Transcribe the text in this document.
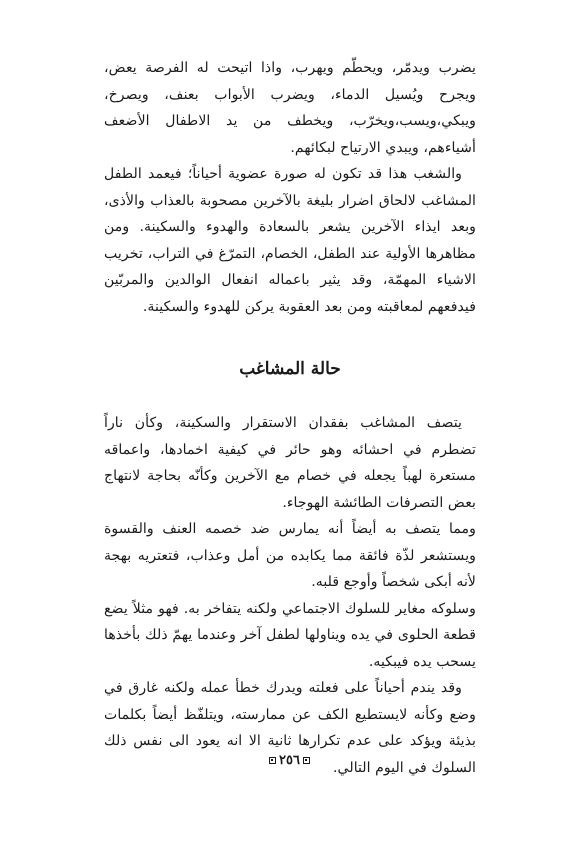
يضرب ويدمّر، ويحطّم ويهرب، واذا اتيحت له الفرصة يعض، ويجرح ويُسيل الدماء، ويضرب الأبواب بعنف، ويصرخ، ويبكي،ويسب،ويخرّب، ويخطف من يد الاطفال الأضعف أشياءهم، ويبدي الارتياح لبكائهم.

والشغب هذا قد تكون له صورة عضوية أحياناً؛ فيعمد الطفل المشاغب لالحاق اضرار بليغة بالآخرين مصحوبة بالعذاب والأذى، وبعد ايذاء الآخرين يشعر بالسعادة والهدوء والسكينة. ومن مظاهرها الأولية عند الطفل، الخصام، التمرّغ في التراب، تخريب الاشياء المهمّة، وقد يثير باعماله انفعال الوالدين والمربّين فيدفعهم لمعاقبته ومن بعد العقوبة يركن للهدوء والسكينة.

حالة المشاغب

يتصف المشاغب بفقدان الاستقرار والسكينة، وكأن ناراً تضطرم في احشائه وهو حائر في كيفية اخمادها، واعماقه مستعرة لهباً يجعله في خصام مع الآخرين وكأنّه بحاجة لانتهاج بعض التصرفات الطائشة الهوجاء.

ومما يتصف به أيضاً أنه يمارس ضد خصمه العنف والقسوة ويستشعر لذّة فائقة مما يكابده من أمل وعذاب، فتعتريه بهجة لأنه أبكى شخصاً وأوجع قلبه.

وسلوكه مغاير للسلوك الاجتماعي ولكنه يتفاخر به. فهو مثلاً يضع قطعة الحلوى في يده ويناولها لطفل آخر وعندما يهمّ ذلك بأخذها يسحب يده فيبكيه.

وقد يندم أحياناً على فعلته ويدرك خطأ عمله ولكنه غارق في وضع وكأنه لايستطيع الكف عن ممارسته، ويتلفّظ أيضاً بكلمات بذيئة ويؤكد على عدم تكرارها ثانية الا انه يعود الى نفس ذلك السلوك في اليوم التالي.

٢٥٦
